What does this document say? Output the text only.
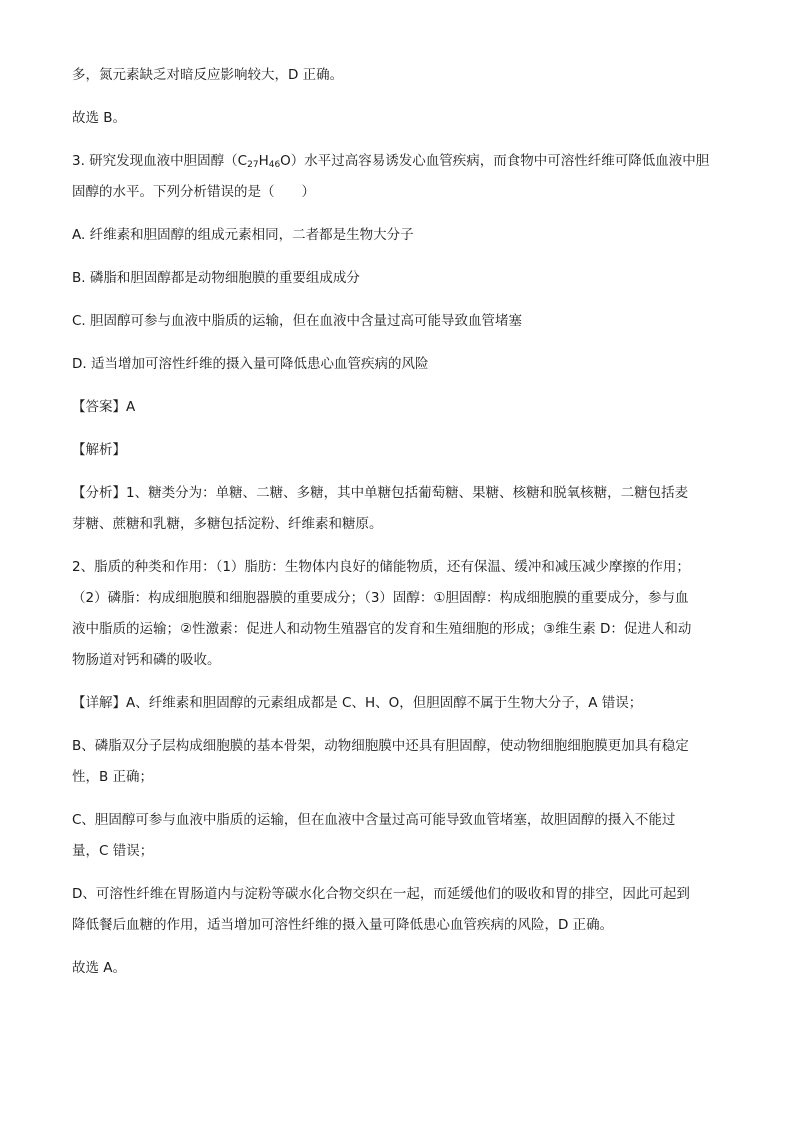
多，氮元素缺乏对暗反应影响较大，D 正确。

故选 B。

3. 研究发现血液中胆固醇$(C_{27}H_{46}O)$水平过高容易诱发心血管疾病，而食物中可溶性纤维可降低血液中胆

固醇的水平。下列分析错误的是（　　）

A. 纤维素和胆固醇的组成元素相同，二者都是生物大分子

B. 磷脂和胆固醇都是动物细胞膜的重要组成成分

C. 胆固醇可参与血液中脂质的运输，但在血液中含量过高可能导致血管堵塞

D. 适当增加可溶性纤维的摄入量可降低患心血管疾病的风险

【答案】A

【解析】

【分析】1、糖类分为：单糖、二糖、多糖，其中单糖包括葡萄糖、果糖、核糖和脱氧核糖，二糖包括麦

芽糖、蔗糖和乳糖，多糖包括淀粉、纤维素和糖原。

2、脂质的种类和作用：（1）脂肪：生物体内良好的储能物质，还有保温、缓冲和减压减少摩擦的作用；

（2）磷脂：构成细胞膜和细胞器膜的重要成分；（3）固醇：①胆固醇：构成细胞膜的重要成分，参与血

液中脂质的运输；②性激素：促进人和动物生殖器官的发育和生殖细胞的形成；③维生素 D：促进人和动

物肠道对钙和磷的吸收。

【详解】A、纤维素和胆固醇的元素组成都是 C、H、O，但胆固醇不属于生物大分子，A 错误；

B、磷脂双分子层构成细胞膜的基本骨架，动物细胞膜中还具有胆固醇，使动物细胞细胞膜更加具有稳定

性，B 正确；

C、胆固醇可参与血液中脂质的运输，但在血液中含量过高可能导致血管堵塞，故胆固醇的摄入不能过

量，C 错误；

D、可溶性纤维在胃肠道内与淀粉等碳水化合物交织在一起，而延缓他们的吸收和胃的排空，因此可起到

降低餐后血糖的作用，适当增加可溶性纤维的摄入量可降低患心血管疾病的风险，D 正确。

故选 A。
